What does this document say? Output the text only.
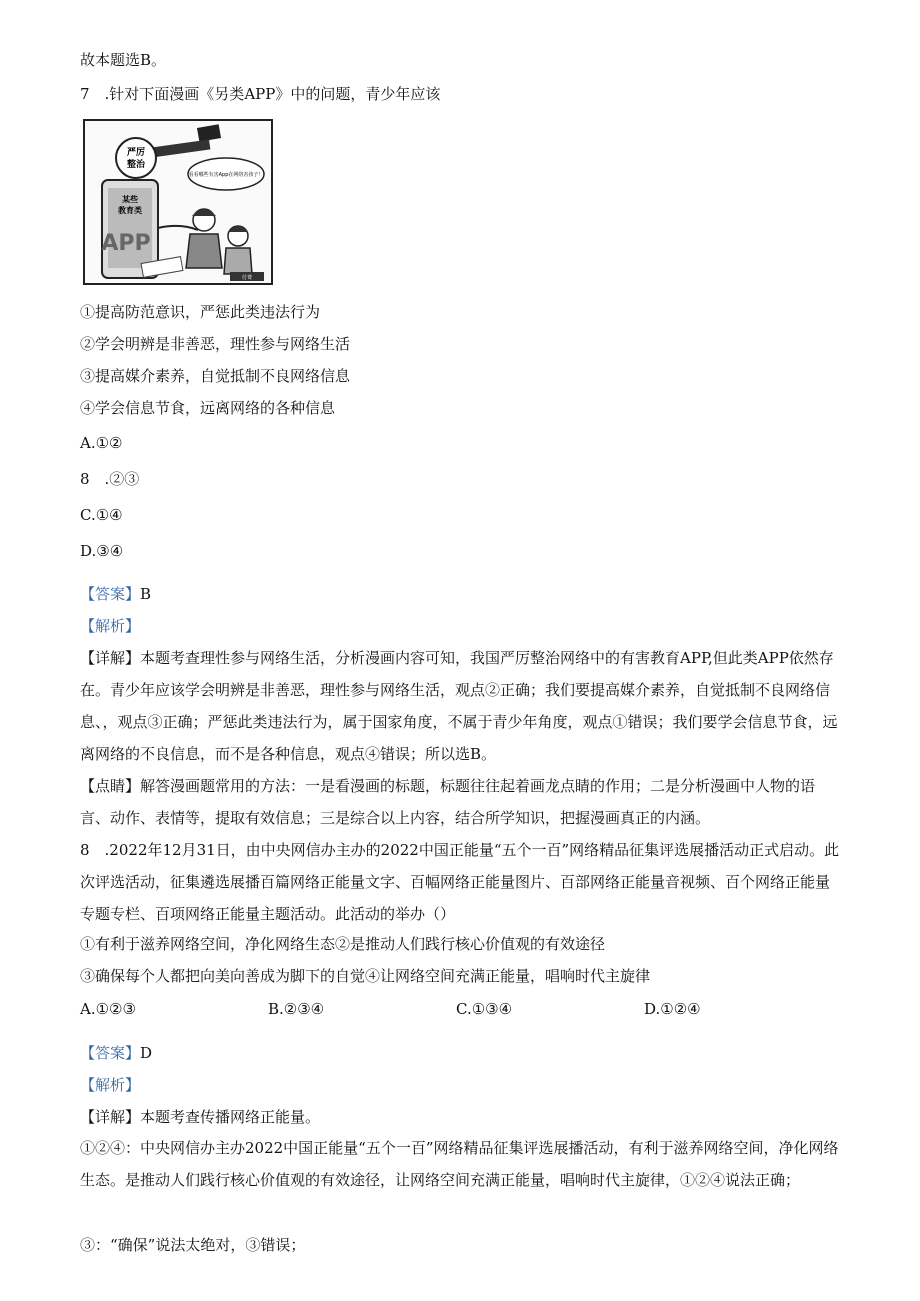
故本题选B。
7　.针对下面漫画《另类APP》中的问题，青少年应该
严厉
整治
某些
教育类
APP
看看哪些有害App在网络害孩子！
付费
①提高防范意识，严惩此类违法行为
②学会明辨是非善恶，理性参与网络生活
③提高媒介素养，自觉抵制不良网络信息
④学会信息节食，远离网络的各种信息
A.①②
8　.②③
C.①④
D.③④
【答案】B
【解析】
【详解】本题考查理性参与网络生活，分析漫画内容可知，我国严厉整治网络中的有害教育APP,但此类APP依然存在。青少年应该学会明辨是非善恶，理性参与网络生活，观点②正确；我们要提高媒介素养，自觉抵制不良网络信息、，观点③正确；严惩此类违法行为，属于国家角度，不属于青少年角度，观点①错误；我们要学会信息节食，远离网络的不良信息，而不是各种信息，观点④错误；所以选B。
【点睛】解答漫画题常用的方法：一是看漫画的标题，标题往往起着画龙点睛的作用；二是分析漫画中人物的语言、动作、表情等，提取有效信息；三是综合以上内容，结合所学知识，把握漫画真正的内涵。
8　.2022年12月31日，由中央网信办主办的2022中国正能量“五个一百”网络精品征集评选展播活动正式启动。此次评选活动，征集遴选展播百篇网络正能量文字、百幅网络正能量图片、百部网络正能量音视频、百个网络正能量专题专栏、百项网络正能量主题活动。此活动的举办（）
①有利于滋养网络空间，净化网络生态②是推动人们践行核心价值观的有效途径
③确保每个人都把向美向善成为脚下的自觉④让网络空间充满正能量，唱响时代主旋律
A.①②③	B.②③④	C.①③④	D.①②④
【答案】D
【解析】
【详解】本题考查传播网络正能量。
①②④：中央网信办主办2022中国正能量“五个一百”网络精品征集评选展播活动，有利于滋养网络空间，净化网络生态。是推动人们践行核心价值观的有效途径，让网络空间充满正能量，唱响时代主旋律，①②④说法正确；
③：“确保”说法太绝对，③错误；
